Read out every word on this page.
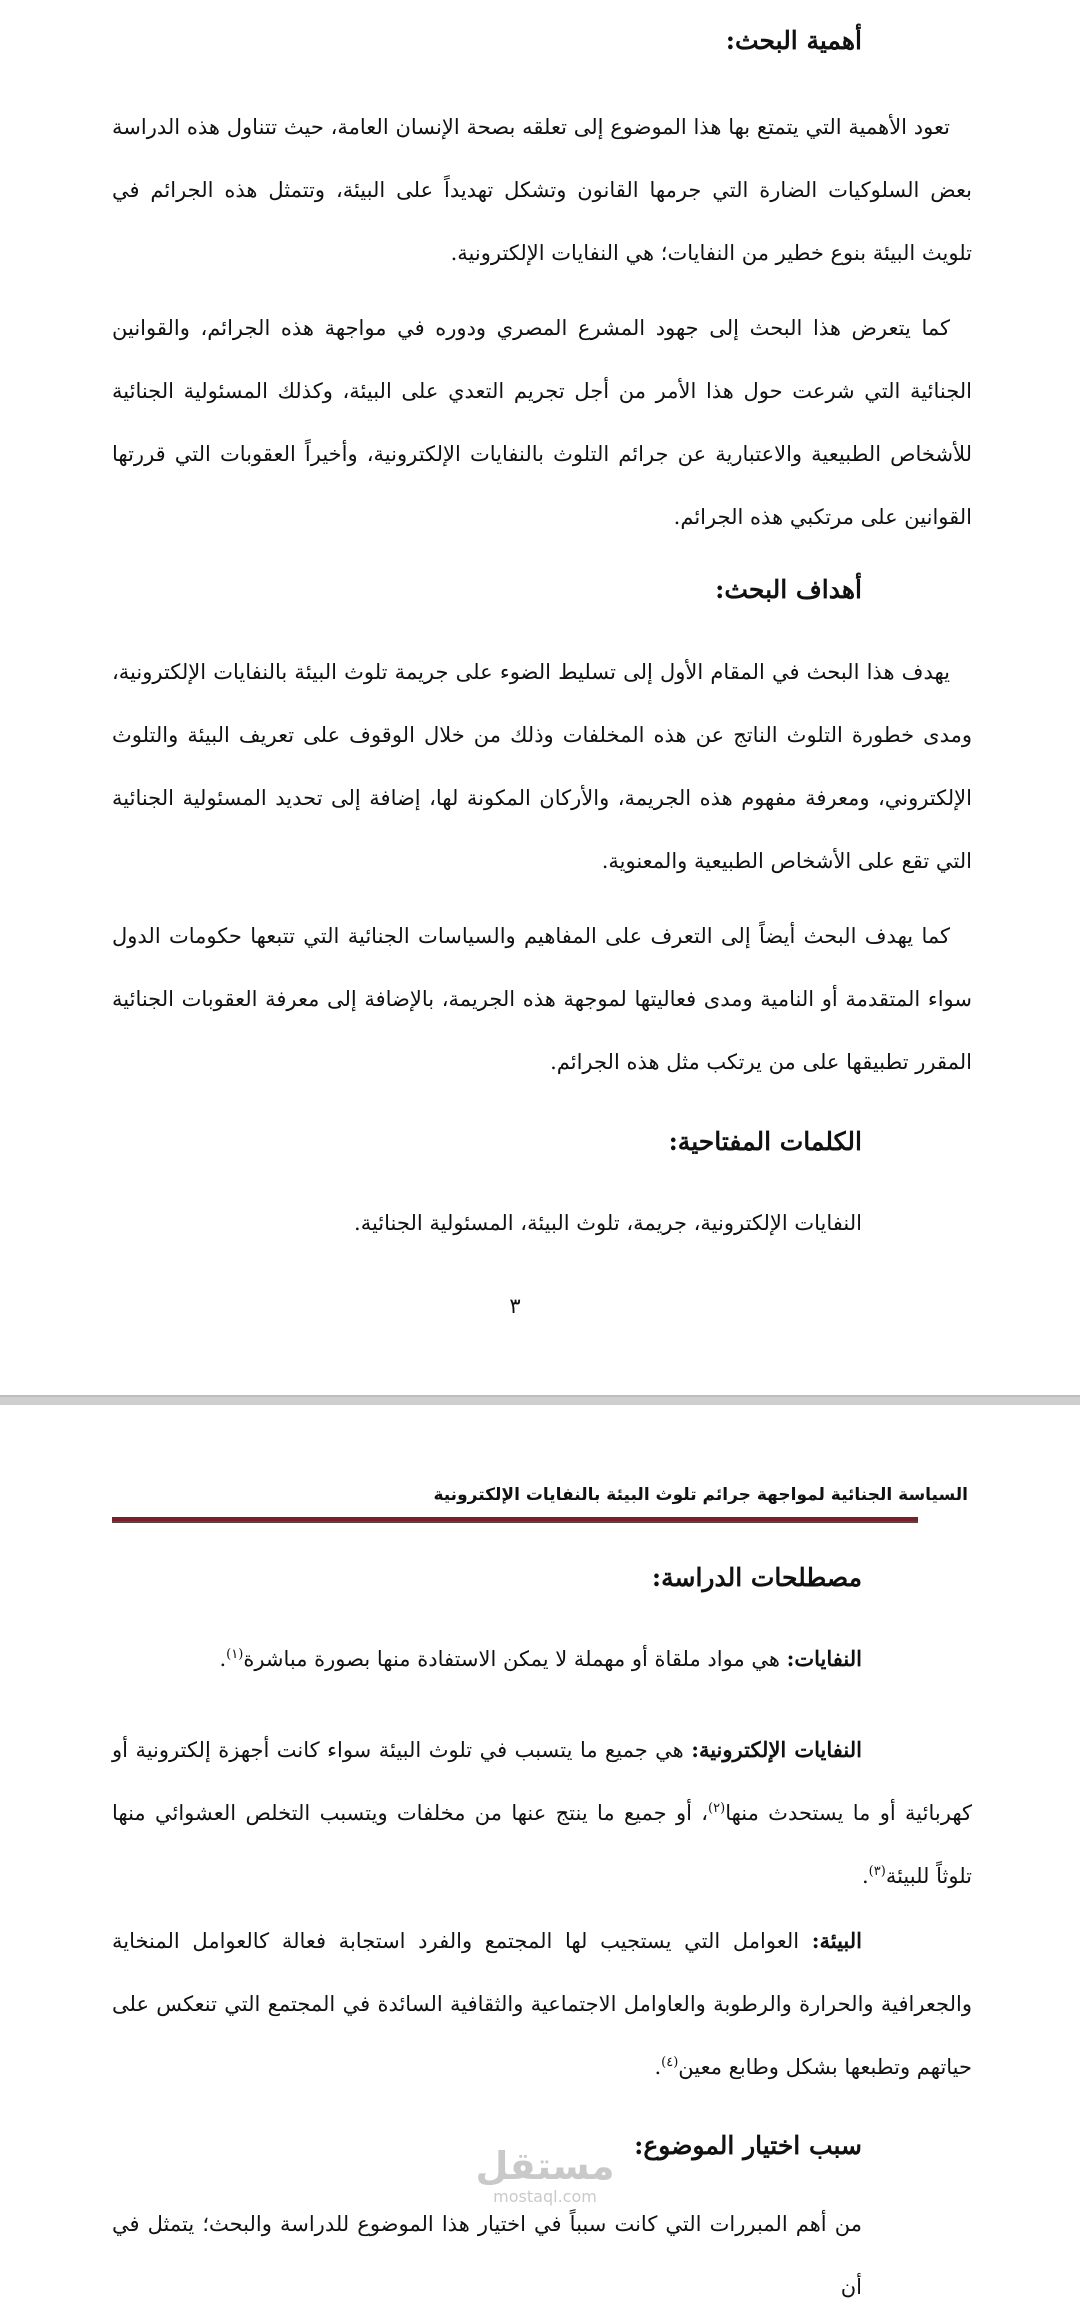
أهمية البحث:

تعود الأهمية التي يتمتع بها هذا الموضوع إلى تعلقه بصحة الإنسان العامة، حيث تتناول هذه الدراسة بعض السلوكيات الضارة التي جرمها القانون وتشكل تهديداً على البيئة، وتتمثل هذه الجرائم في تلويث البيئة بنوع خطير من النفايات؛ هي النفايات الإلكترونية.

كما يتعرض هذا البحث إلى جهود المشرع المصري ودوره في مواجهة هذه الجرائم، والقوانين الجنائية التي شرعت حول هذا الأمر من أجل تجريم التعدي على البيئة، وكذلك المسئولية الجنائية للأشخاص الطبيعية والاعتبارية عن جرائم التلوث بالنفايات الإلكترونية، وأخيراً العقوبات التي قررتها القوانين على مرتكبي هذه الجرائم.

أهداف البحث:

يهدف هذا البحث في المقام الأول إلى تسليط الضوء على جريمة تلوث البيئة بالنفايات الإلكترونية، ومدى خطورة التلوث الناتج عن هذه المخلفات وذلك من خلال الوقوف على تعريف البيئة والتلوث الإلكتروني، ومعرفة مفهوم هذه الجريمة، والأركان المكونة لها، إضافة إلى تحديد المسئولية الجنائية التي تقع على الأشخاص الطبيعية والمعنوية.

كما يهدف البحث أيضاً إلى التعرف على المفاهيم والسياسات الجنائية التي تتبعها حكومات الدول سواء المتقدمة أو النامية ومدى فعاليتها لموجهة هذه الجريمة، بالإضافة إلى معرفة العقوبات الجنائية المقرر تطبيقها على من يرتكب مثل هذه الجرائم.

الكلمات المفتاحية:

النفايات الإلكترونية، جريمة، تلوث البيئة، المسئولية الجنائية.

٣
السياسة الجنائية لمواجهة جرائم تلوث البيئة بالنفايات الإلكترونية
مصطلحات الدراسة:

النفايات: هي مواد ملقاة أو مهملة لا يمكن الاستفادة منها بصورة مباشرة$^{(١)}$.

النفايات الإلكترونية: هي جميع ما يتسبب في تلوث البيئة سواء كانت أجهزة إلكترونية أو كهربائية أو ما يستحدث منها$^{(٢)}$، أو جميع ما ينتج عنها من مخلفات ويتسبب التخلص العشوائي منها تلوثاً للبيئة$^{(٣)}$.

البيئة: العوامل التي يستجيب لها المجتمع والفرد استجابة فعالة كالعوامل المنخاية والجعرافية والحرارة والرطوبة والعاوامل الاجتماعية والثقافية السائدة في المجتمع التي تنعكس على حياتهم وتطبعها بشكل وطابع معين$^{(٤)}$.

سبب اختيار الموضوع:

من أهم المبررات التي كانت سبباً في اختيار هذا الموضوع للدراسة والبحث؛ يتمثل في أن

مستقل
mostaql.com
